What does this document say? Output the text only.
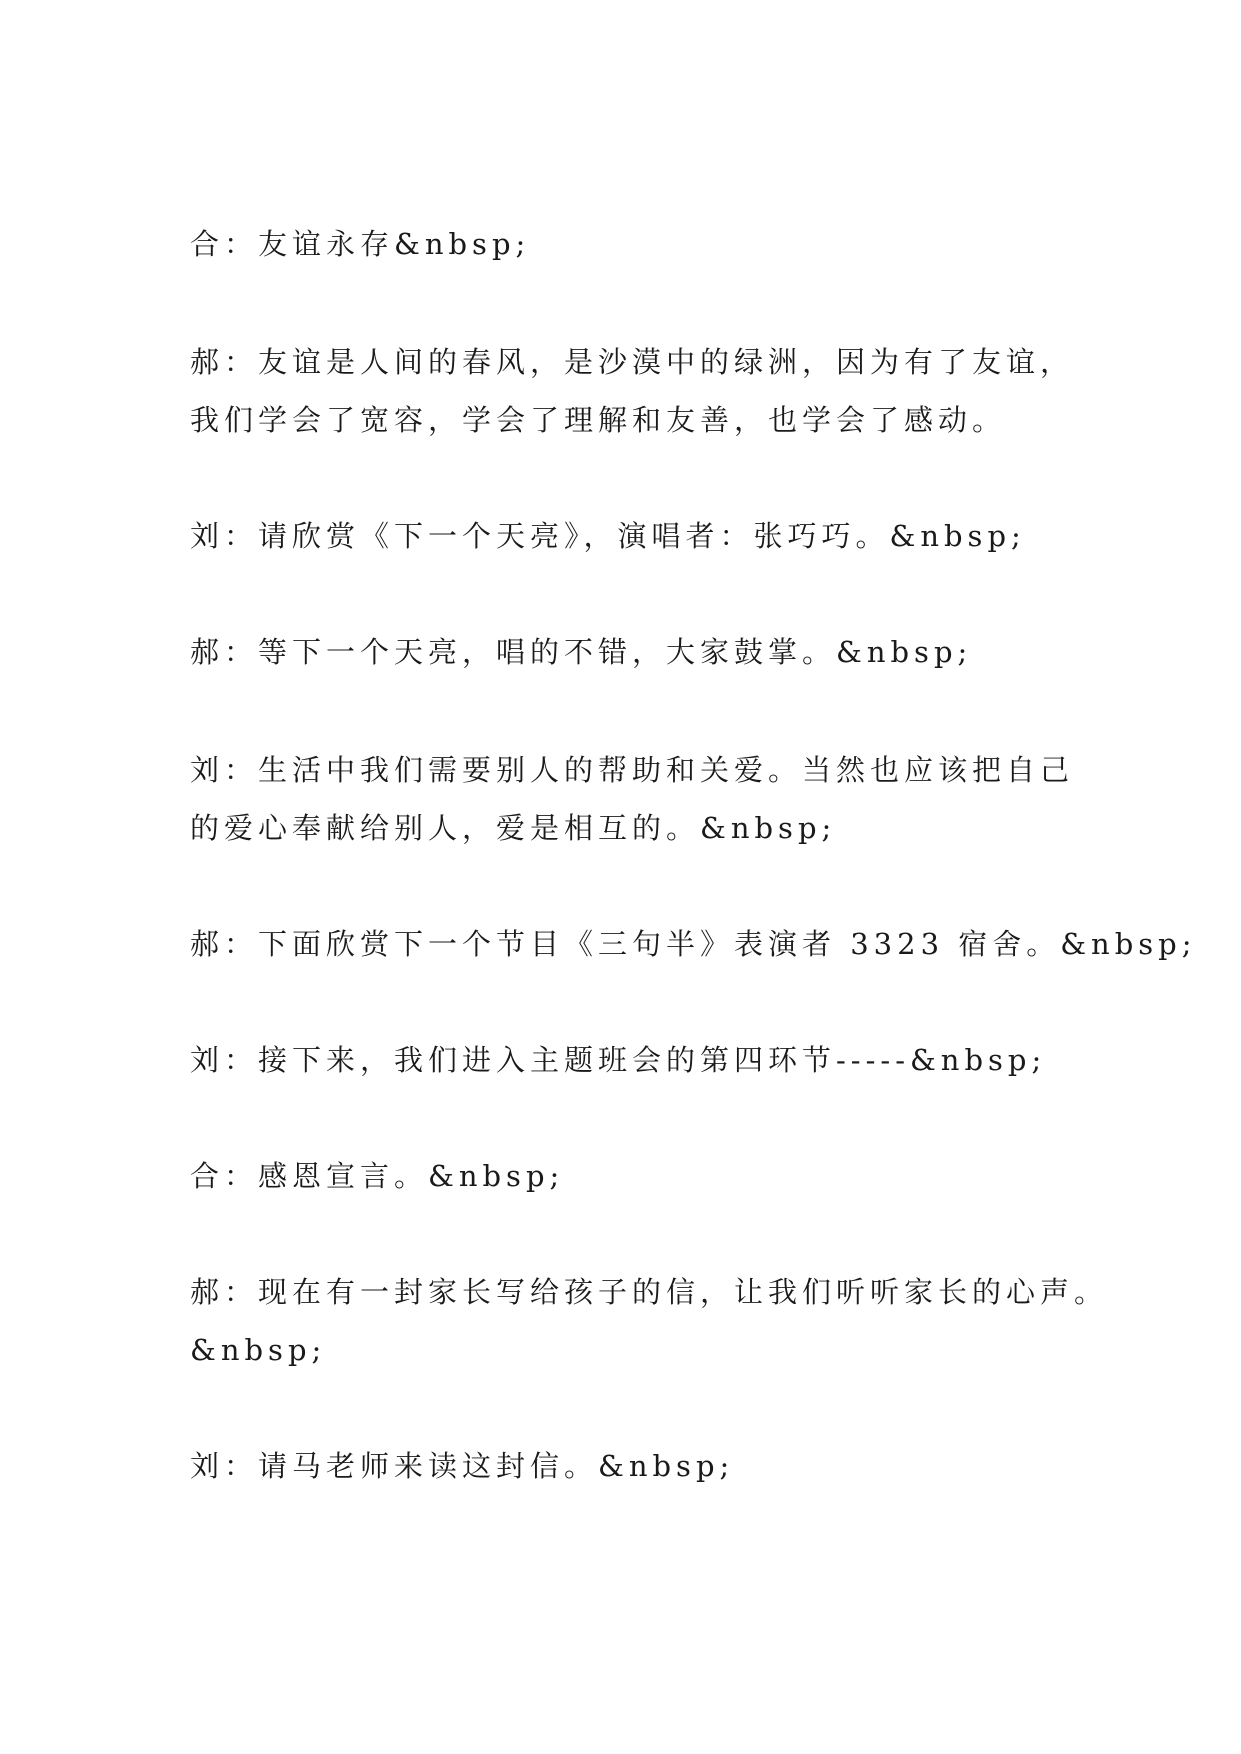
合：友谊永存&nbsp;
郝：友谊是人间的春风，是沙漠中的绿洲，因为有了友谊，
我们学会了宽容，学会了理解和友善，也学会了感动。
刘：请欣赏《下一个天亮》，演唱者：张巧巧。&nbsp;
郝：等下一个天亮，唱的不错，大家鼓掌。&nbsp;
刘：生活中我们需要别人的帮助和关爱。当然也应该把自己
的爱心奉献给别人，爱是相互的。&nbsp;
郝：下面欣赏下一个节目《三句半》表演者 3323 宿舍。&nbsp;
刘：接下来，我们进入主题班会的第四环节-----&nbsp;
合：感恩宣言。&nbsp;
郝：现在有一封家长写给孩子的信，让我们听听家长的心声。
&nbsp;
刘：请马老师来读这封信。&nbsp;
